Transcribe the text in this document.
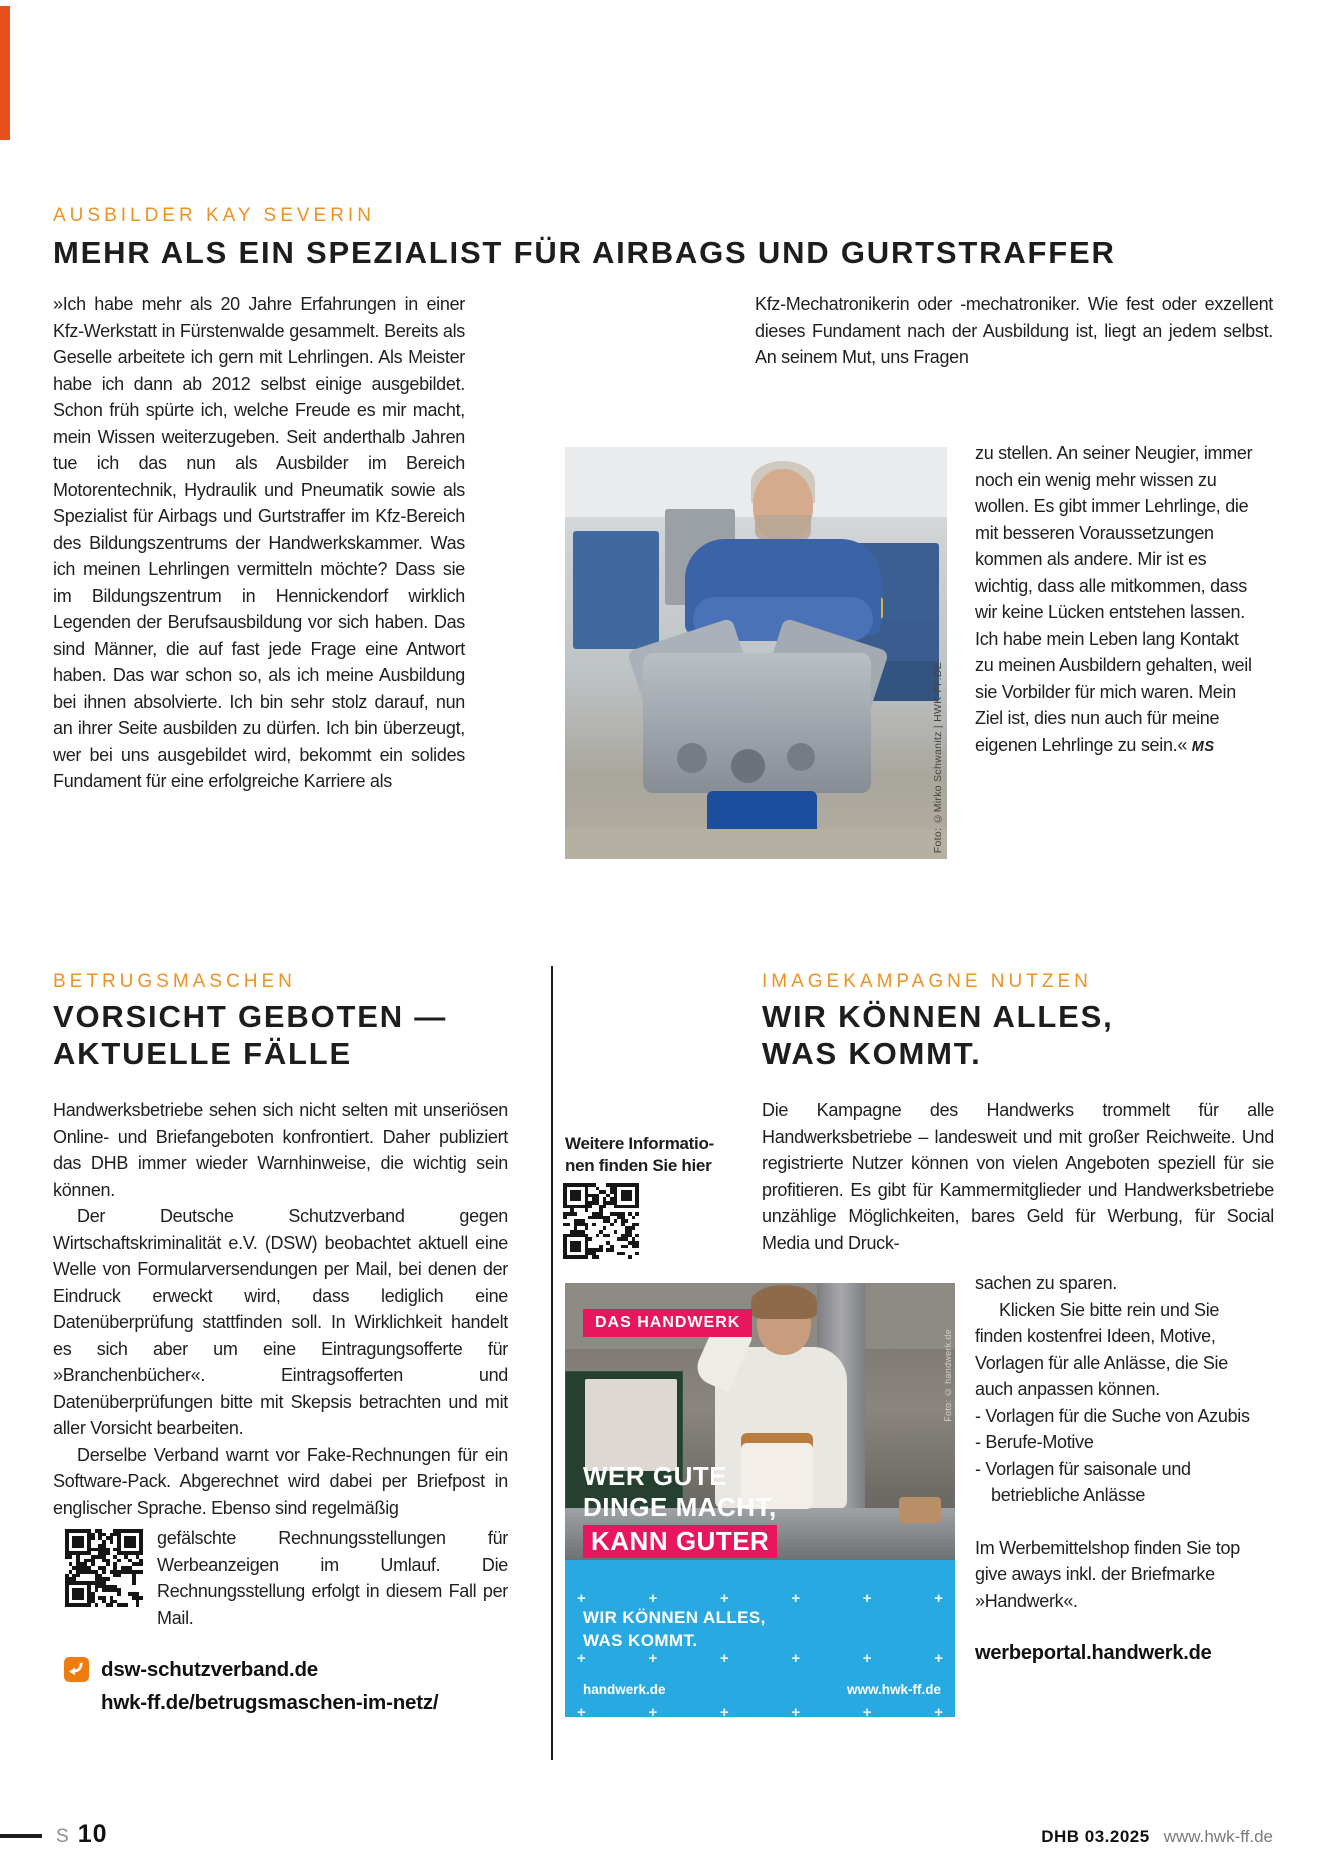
AUSBILDER KAY SEVERIN
MEHR ALS EIN SPEZIALIST FÜR AIRBAGS UND GURTSTRAFFER

»Ich habe mehr als 20 Jahre Erfahrungen in einer Kfz-Werkstatt in Fürstenwalde gesammelt. Bereits als Geselle arbeitete ich gern mit Lehrlingen. Als Meister habe ich dann ab 2012 selbst einige ausgebildet. Schon früh spürte ich, welche Freude es mir macht, mein Wissen weiterzugeben. Seit anderthalb Jahren tue ich das nun als Ausbilder im Bereich Motorentechnik, Hydraulik und Pneumatik sowie als Spezialist für Airbags und Gurtstraffer im Kfz-Bereich des Bildungszentrums der Handwerkskammer. Was ich meinen Lehrlingen vermitteln möchte? Dass sie im Bildungszentrum in Hennickendorf wirklich Legenden der Berufsausbildung vor sich haben. Das sind Männer, die auf fast jede Frage eine Antwort haben. Das war schon so, als ich meine Ausbildung bei ihnen absolvierte. Ich bin sehr stolz darauf, nun an ihrer Seite ausbilden zu dürfen. Ich bin überzeugt, wer bei uns ausgebildet wird, bekommt ein solides Fundament für eine erfolgreiche Karriere als

Kfz-Mechatronikerin oder -mechatroniker. Wie fest oder exzellent dieses Fundament nach der Ausbildung ist, liegt an jedem selbst. An seinem Mut, uns Fragen

Foto: ©Mirko Schwanitz | HWK-FF.DE

zu stellen. An seiner Neugier, immer noch ein wenig mehr wissen zu wollen. Es gibt immer Lehrlinge, die mit besseren Voraussetzungen kommen als andere. Mir ist es wichtig, dass alle mitkommen, dass wir keine Lücken entstehen lassen. Ich habe mein Leben lang Kontakt zu meinen Ausbildern gehalten, weil sie Vorbilder für mich waren. Mein Ziel ist, dies nun auch für meine eigenen Lehrlinge zu sein.« MS

BETRUGSMASCHEN
VORSICHT GEBOTEN —
AKTUELLE FÄLLE

Handwerksbetriebe sehen sich nicht selten mit unseriösen Online- und Briefangeboten konfrontiert. Daher publiziert das DHB immer wieder Warnhinweise, die wichtig sein können.

Der Deutsche Schutzverband gegen Wirtschaftskriminalität e.V. (DSW) beobachtet aktuell eine Welle von Formularversendungen per Mail, bei denen der Eindruck erweckt wird, dass lediglich eine Datenüberprüfung stattfinden soll. In Wirklichkeit handelt es sich aber um eine Eintragungsofferte für »Branchenbücher«. Eintragsofferten und Datenüberprüfungen bitte mit Skepsis betrachten und mit aller Vorsicht bearbeiten.

Derselbe Verband warnt vor Fake-Rechnungen für ein Software-Pack. Abgerechnet wird dabei per Briefpost in englischer Sprache. Ebenso sind regelmäßig

gefälschte Rechnungsstellungen für Werbeanzeigen im Umlauf. Die Rechnungsstellung erfolgt in diesem Fall per Mail.

dsw-schutzverband.de
hwk-ff.de/betrugsmaschen-im-netz/
Weitere Informatio-
nen finden Sie hier
IMAGEKAMPAGNE NUTZEN
WIR KÖNNEN ALLES,
WAS KOMMT.

Die Kampagne des Handwerks trommelt für alle Handwerksbetriebe – landesweit und mit großer Reichweite. Und registrierte Nutzer können von vielen Angeboten speziell für sie profitieren. Es gibt für Kammermitglieder und Handwerksbetriebe unzählige Möglichkeiten, bares Geld für Werbung, für Social Media und Druck-

sachen zu sparen.

Klicken Sie bitte rein und Sie finden kostenfrei Ideen, Motive, Vorlagen für alle Anlässe, die Sie auch anpassen können.

- Vorlagen für die Suche von Azubis
- Berufe-Motive
- Vorlagen für saisonale und betriebliche Anlässe

Im Werbemittelshop finden Sie top give aways inkl. der Briefmarke »Handwerk«.

werbeportal.handwerk.de
DAS HANDWERK
WER GUTE
DINGE MACHT,
KANN GUTER
Foto: © handwerk.de
+	+	+	+	+	+
+	+	+	+	+	+
+	+	+	+	+	+
WIR KÖNNEN ALLES,
WAS KOMMT.
handwerk.de	www.hwk-ff.de
S 10	DHB 03.2025 www.hwk-ff.de
